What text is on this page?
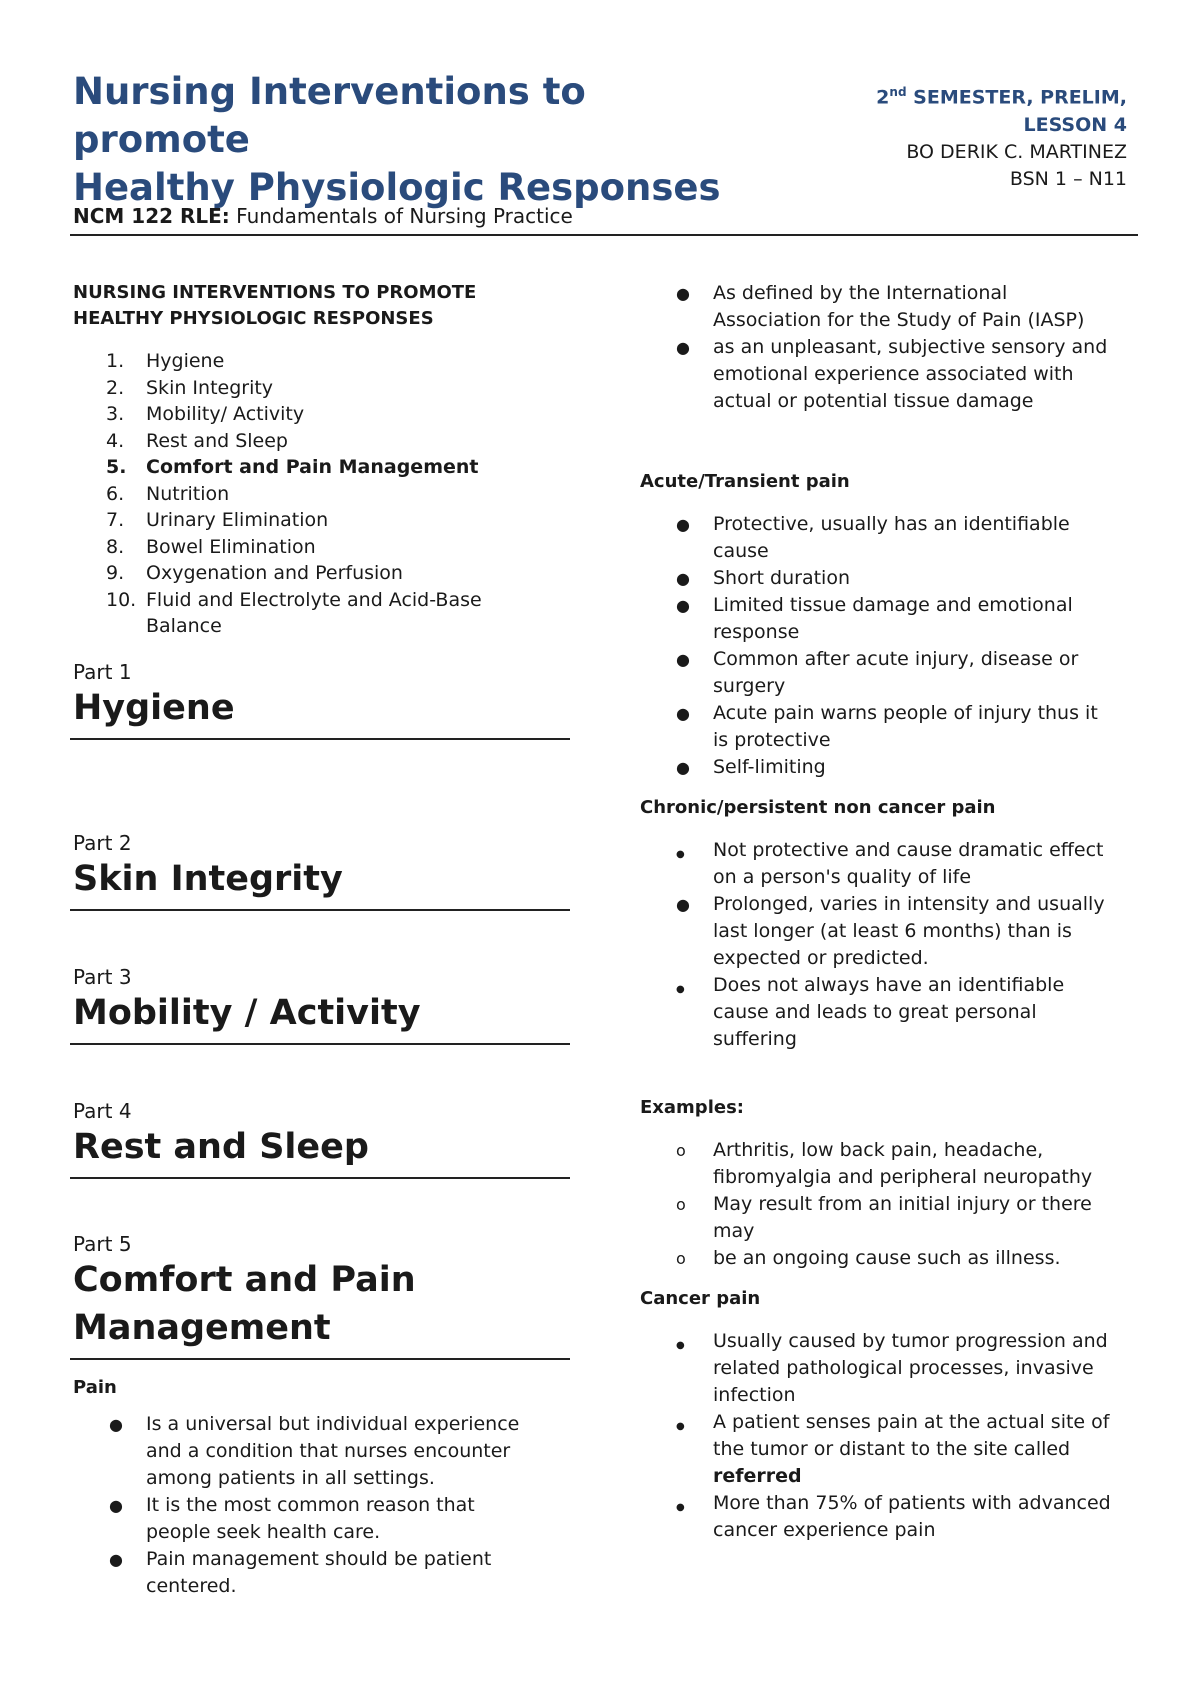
Nursing Interventions to promote
Healthy Physiologic Responses
2nd SEMESTER, PRELIM,
LESSON 4
BO DERIK C. MARTINEZ
BSN 1 – N11
NCM 122 RLE: Fundamentals of Nursing Practice
NURSING INTERVENTIONS TO PROMOTE
HEALTHY PHYSIOLOGIC RESPONSES
1.	Hygiene
2.	Skin Integrity
3.	Mobility/ Activity
4.	Rest and Sleep
5.	Comfort and Pain Management
6.	Nutrition
7.	Urinary Elimination
8.	Bowel Elimination
9.	Oxygenation and Perfusion
10. Fluid and Electrolyte and Acid-Base
Balance
Part 1
Hygiene
Part 2
Skin Integrity
Part 3
Mobility / Activity
Part 4
Rest and Sleep
Part 5
Comfort and Pain
Management
Pain
● Is a universal but individual experience
and a condition that nurses encounter
among patients in all settings.
● It is the most common reason that
people seek health care.
● Pain management should be patient
centered.
● As defined by the International
Association for the Study of Pain (IASP)
● as an unpleasant, subjective sensory and
emotional experience associated with
actual or potential tissue damage
Acute/Transient pain
● Protective, usually has an identifiable
cause
● Short duration
● Limited tissue damage and emotional
response
● Common after acute injury, disease or
surgery
● Acute pain warns people of injury thus it
is protective
● Self-limiting
Chronic/persistent non cancer pain
● Not protective and cause dramatic effect
on a person's quality of life
● Prolonged, varies in intensity and usually
last longer (at least 6 months) than is
expected or predicted.
● Does not always have an identifiable
cause and leads to great personal
suffering
Examples:
o Arthritis, low back pain, headache,
fibromyalgia and peripheral neuropathy
o May result from an initial injury or there
may
o be an ongoing cause such as illness.
Cancer pain
● Usually caused by tumor progression and
related pathological processes, invasive
infection
● A patient senses pain at the actual site of
the tumor or distant to the site called
referred
● More than 75% of patients with advanced
cancer experience pain
